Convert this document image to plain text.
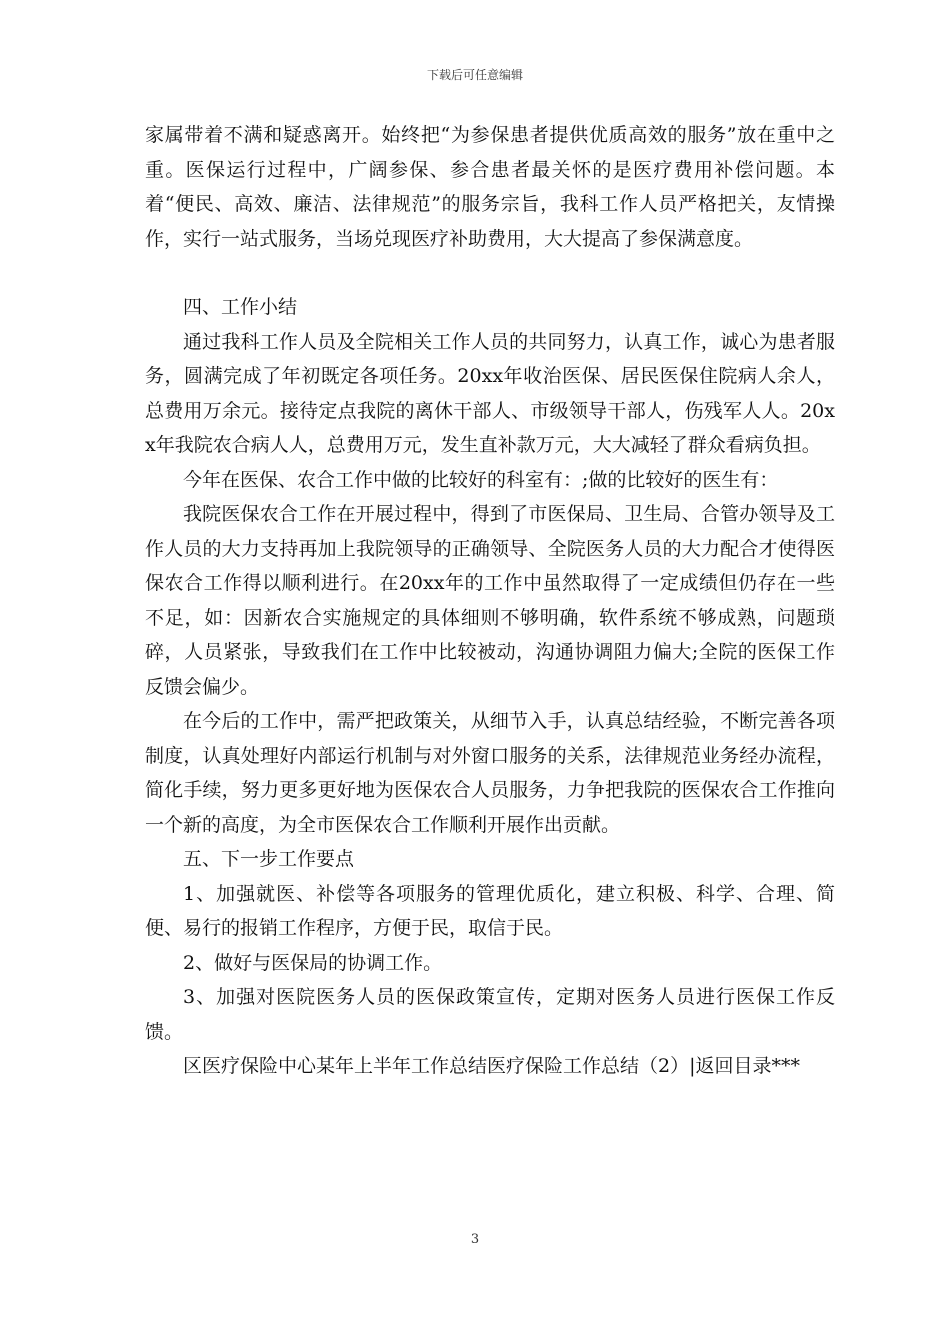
下载后可任意编辑

家属带着不满和疑惑离开。始终把“为参保患者提供优质高效的服务”放在重中之重。医保运行过程中，广阔参保、参合患者最关怀的是医疗费用补偿问题。本着“便民、高效、廉洁、法律规范”的服务宗旨，我科工作人员严格把关，友情操作，实行一站式服务，当场兑现医疗补助费用，大大提高了参保满意度。

四、工作小结

通过我科工作人员及全院相关工作人员的共同努力，认真工作，诚心为患者服务，圆满完成了年初既定各项任务。20xx年收治医保、居民医保住院病人余人，总费用万余元。接待定点我院的离休干部人、市级领导干部人，伤残军人人。20xx年我院农合病人人，总费用万元，发生直补款万元，大大减轻了群众看病负担。

今年在医保、农合工作中做的比较好的科室有：;做的比较好的医生有：

我院医保农合工作在开展过程中，得到了市医保局、卫生局、合管办领导及工作人员的大力支持再加上我院领导的正确领导、全院医务人员的大力配合才使得医保农合工作得以顺利进行。在20xx年的工作中虽然取得了一定成绩但仍存在一些不足，如：因新农合实施规定的具体细则不够明确，软件系统不够成熟，问题琐碎，人员紧张，导致我们在工作中比较被动，沟通协调阻力偏大;全院的医保工作反馈会偏少。

在今后的工作中，需严把政策关，从细节入手，认真总结经验，不断完善各项制度，认真处理好内部运行机制与对外窗口服务的关系，法律规范业务经办流程，简化手续，努力更多更好地为医保农合人员服务，力争把我院的医保农合工作推向一个新的高度，为全市医保农合工作顺利开展作出贡献。

五、下一步工作要点

1、加强就医、补偿等各项服务的管理优质化，建立积极、科学、合理、简便、易行的报销工作程序，方便于民，取信于民。

2、做好与医保局的协调工作。

3、加强对医院医务人员的医保政策宣传，定期对医务人员进行医保工作反馈。

区医疗保险中心某年上半年工作总结医疗保险工作总结（2）|返回目录***

3
